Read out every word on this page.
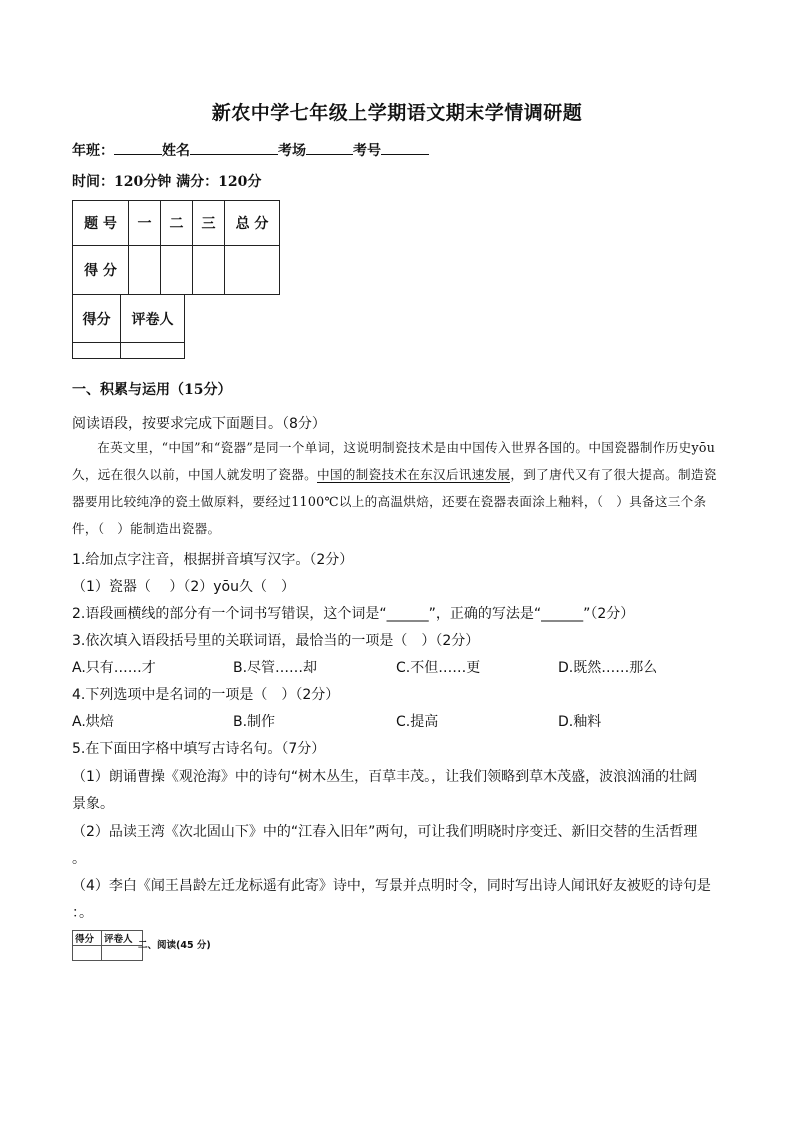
新农中学七年级上学期语文期末学情调研题
年班：	姓名	考场	考号
时间：120分钟 满分：120分
题 号	一	二	三	总 分
得 分				
得分	评卷人

一、积累与运用（15分）
阅读语段，按要求完成下面题目。（8分）

在英文里，“中国”和“瓷器”是同一个单词，这说明制瓷技术是由中国传入世界各国的。中国瓷器制作历史yōu久，远在很久以前，中国人就发明了瓷器。中国的制瓷技术在东汉后讯速发展，到了唐代又有了很大提高。制造瓷器要用比较纯净的瓷土做原料，要经过1100℃以上的高温烘焙，还要在瓷器表面涂上釉料，（　）具备这三个条件，（　）能制造出瓷器。

1.给加点字注音，根据拼音填写汉字。（2分）
（1）瓷器（　 ）（2）yōu久（　）
2.语段画横线的部分有一个词书写错误，这个词是“______”，正确的写法是“______”（2分）
3.依次填入语段括号里的关联词语，最恰当的一项是（　）（2分）
A.只有……才	B.尽管……却	C.不但……更	D.既然……那么
4.下列选项中是名词的一项是（　）（2分）
A.烘焙	B.制作	C.提高	D.釉料
5.在下面田字格中填写古诗名句。（7分）
（1）朗诵曹操《观沧海》中的诗句“树木丛生，百草丰茂。，让我们领略到草木茂盛，波浪汹涌的壮阔
景象。
（2）品读王湾《次北固山下》中的“江春入旧年”两句，可让我们明晓时序变迁、新旧交替的生活哲理
。
（4）李白《闻王昌龄左迁龙标遥有此寄》诗中，写景并点明时令，同时写出诗人闻讯好友被贬的诗句是
：。
得分	评卷人

二、阅读(45 分)
